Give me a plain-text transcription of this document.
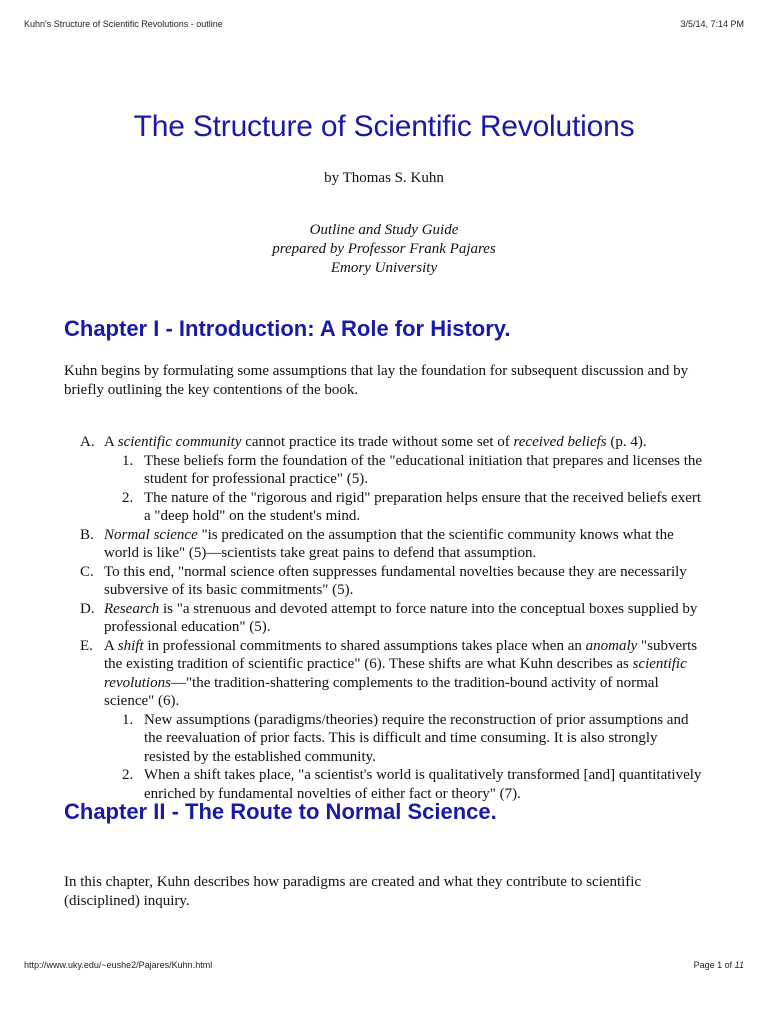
Kuhn's Structure of Scientific Revolutions - outline	3/5/14, 7:14 PM
The Structure of Scientific Revolutions
by Thomas S. Kuhn
Outline and Study Guide
prepared by Professor Frank Pajares
Emory University
Chapter I - Introduction: A Role for History.

Kuhn begins by formulating some assumptions that lay the foundation for subsequent discussion and by briefly outlining the key contentions of the book.

A. A scientific community cannot practice its trade without some set of received beliefs (p. 4).
1. These beliefs form the foundation of the "educational initiation that prepares and licenses the student for professional practice" (5).
2. The nature of the "rigorous and rigid" preparation helps ensure that the received beliefs exert a "deep hold" on the student's mind.
B. Normal science "is predicated on the assumption that the scientific community knows what the world is like" (5)—scientists take great pains to defend that assumption.
C. To this end, "normal science often suppresses fundamental novelties because they are necessarily subversive of its basic commitments" (5).
D. Research is "a strenuous and devoted attempt to force nature into the conceptual boxes supplied by professional education" (5).
E. A shift in professional commitments to shared assumptions takes place when an anomaly "subverts the existing tradition of scientific practice" (6). These shifts are what Kuhn describes as scientific revolutions—"the tradition-shattering complements to the tradition-bound activity of normal science" (6).
1. New assumptions (paradigms/theories) require the reconstruction of prior assumptions and the reevaluation of prior facts. This is difficult and time consuming. It is also strongly resisted by the established community.
2. When a shift takes place, "a scientist's world is qualitatively transformed [and] quantitatively enriched by fundamental novelties of either fact or theory" (7).
Chapter II - The Route to Normal Science.

In this chapter, Kuhn describes how paradigms are created and what they contribute to scientific (disciplined) inquiry.

http://www.uky.edu/~eushe2/Pajares/Kuhn.html	Page 1 of 11
